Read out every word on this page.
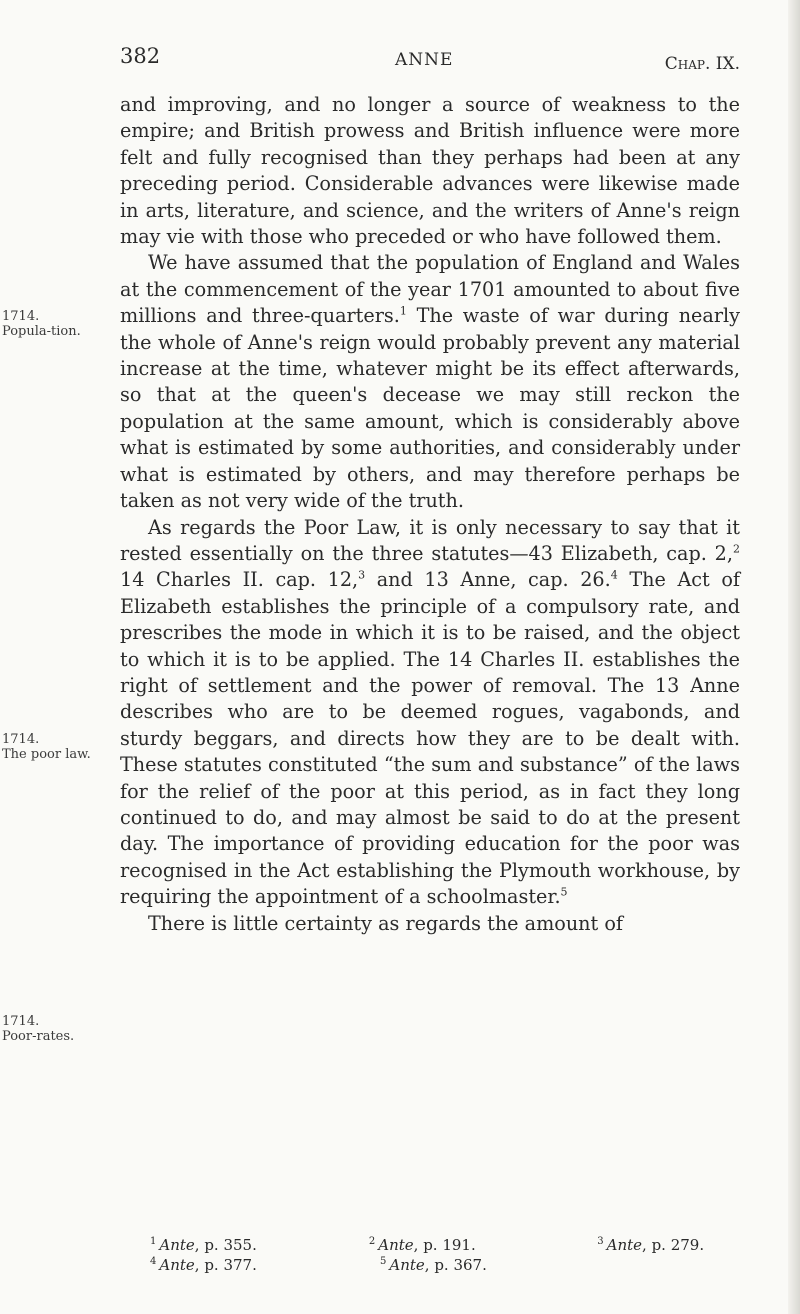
382	ANNE	Chap. IX.
1714.
Popula-tion.
1714.
The poor law.
1714.
Poor-rates.

and improving, and no longer a source of weakness to the empire; and British prowess and British influence were more felt and fully recognised than they perhaps had been at any preceding period. Considerable advances were likewise made in arts, literature, and science, and the writers of Anne's reign may vie with those who preceded or who have followed them.

We have assumed that the population of England and Wales at the commencement of the year 1701 amounted to about five millions and three-quarters.$^1$ The waste of war during nearly the whole of Anne's reign would probably prevent any material increase at the time, whatever might be its effect afterwards, so that at the queen's decease we may still reckon the population at the same amount, which is considerably above what is estimated by some authorities, and considerably under what is estimated by others, and may therefore perhaps be taken as not very wide of the truth.

As regards the Poor Law, it is only necessary to say that it rested essentially on the three statutes—43 Elizabeth, cap. 2,$^2$ 14 Charles II. cap. 12,$^3$ and 13 Anne, cap. 26.$^4$ The Act of Elizabeth establishes the principle of a compulsory rate, and prescribes the mode in which it is to be raised, and the object to which it is to be applied. The 14 Charles II. establishes the right of settlement and the power of removal. The 13 Anne describes who are to be deemed rogues, vagabonds, and sturdy beggars, and directs how they are to be dealt with. These statutes constituted “the sum and substance” of the laws for the relief of the poor at this period, as in fact they long continued to do, and may almost be said to do at the present day. The importance of providing education for the poor was recognised in the Act establishing the Plymouth workhouse, by requiring the appointment of a schoolmaster.$^5$

There is little certainty as regards the amount of

$^1$ Ante, p. 355.	$^2$ Ante, p. 191.	$^3$ Ante, p. 279.
$^4$ Ante, p. 377.	$^5$ Ante, p. 367.
